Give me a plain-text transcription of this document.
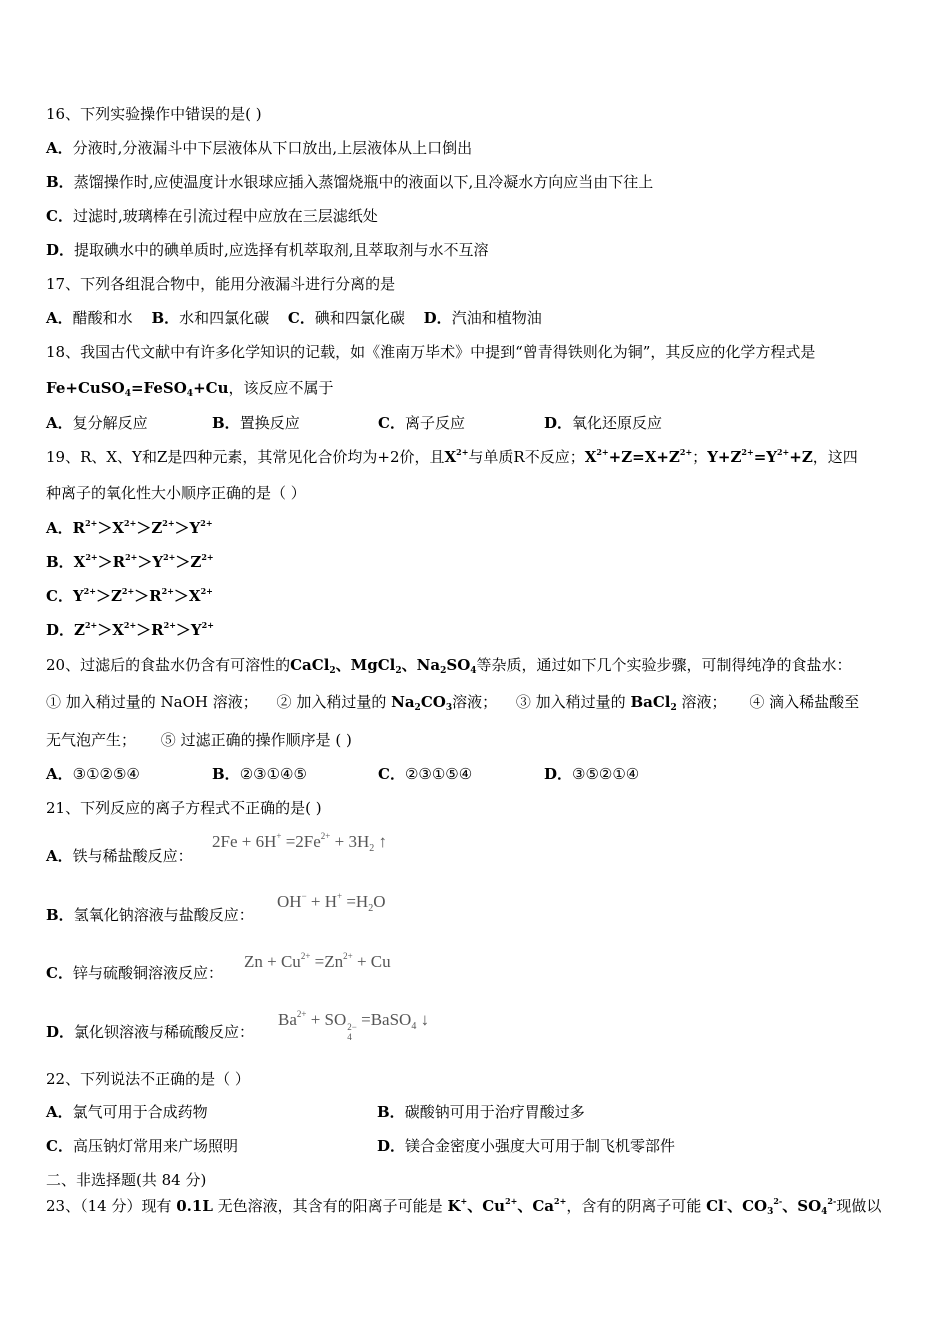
16、下列实验操作中错误的是( )
A．分液时,分液漏斗中下层液体从下口放出,上层液体从上口倒出
B．蒸馏操作时,应使温度计水银球应插入蒸馏烧瓶中的液面以下,且冷凝水方向应当由下往上
C．过滤时,玻璃棒在引流过程中应放在三层滤纸处
D．提取碘水中的碘单质时,应选择有机萃取剂,且萃取剂与水不互溶
17、下列各组混合物中，能用分液漏斗进行分离的是
A．醋酸和水 B．水和四氯化碳 C．碘和四氯化碳 D．汽油和植物油
18、我国古代文献中有许多化学知识的记载，如《淮南万毕术》中提到“曾青得铁则化为铜”，其反应的化学方程式是
Fe+CuSO$_4$=FeSO$_4$+Cu，该反应不属于
A．复分解反应	B．置换反应	C．离子反应	D．氧化还原反应
19、R、X、Y和Z是四种元素，其常见化合价均为+2价，且$X^{2+}$与单质R不反应；$X^{2+}+Z=X+Z^{2+}$；$Y+Z^{2+}=Y^{2+}+Z$，这四
种离子的氧化性大小顺序正确的是（ ）
A．$R^{2+}>X^{2+}>Z^{2+}>Y^{2+}$
B．$X^{2+}>R^{2+}>Y^{2+}>Z^{2+}$
C．$Y^{2+}>Z^{2+}>R^{2+}>X^{2+}$
D．$Z^{2+}>X^{2+}>R^{2+}>Y^{2+}$
20、过滤后的食盐水仍含有可溶性的CaCl$_2$、MgCl$_2$、$Na_2SO_4$等杂质，通过如下几个实验步骤，可制得纯净的食盐水：
① 加入稍过量的 NaOH 溶液； ② 加入稍过量的 $Na_2CO_3$溶液； ③ 加入稍过量的 BaCl$_2$ 溶液； ④ 滴入稀盐酸至
无气泡产生； ⑤ 过滤正确的操作顺序是 ( )
A．③①②⑤④	B．②③①④⑤	C．②③①⑤④	D．③⑤②①④
21、下列反应的离子方程式不正确的是( )
A．铁与稀盐酸反应：
$2Fe + 6H^+ =2Fe^{2+} + 3H_2$ ↑
B．氢氧化钠溶液与盐酸反应：
$OH^- + H^+ =H_2O$
C．锌与硫酸铜溶液反应：
$Zn + Cu^{2+} =Zn^{2+} + Cu$
D．氯化钡溶液与稀硫酸反应：
$Ba^{2+}$ + SO 2−
4
=BaSO$_4$ ↓
22、下列说法不正确的是（ ）
A．氯气可用于合成药物	B．碳酸钠可用于治疗胃酸过多
C．高压钠灯常用来广场照明	D．镁合金密度小强度大可用于制飞机零部件
二、非选择题(共 84 分)
23、（14 分）现有 0.1L 无色溶液，其含有的阳离子可能是 K+、$Cu^{2+}$、$Ca^{2+}$，含有的阴离子可能 Cl-、$CO_3^{2-}$、$SO_4^{2-}$现做以
